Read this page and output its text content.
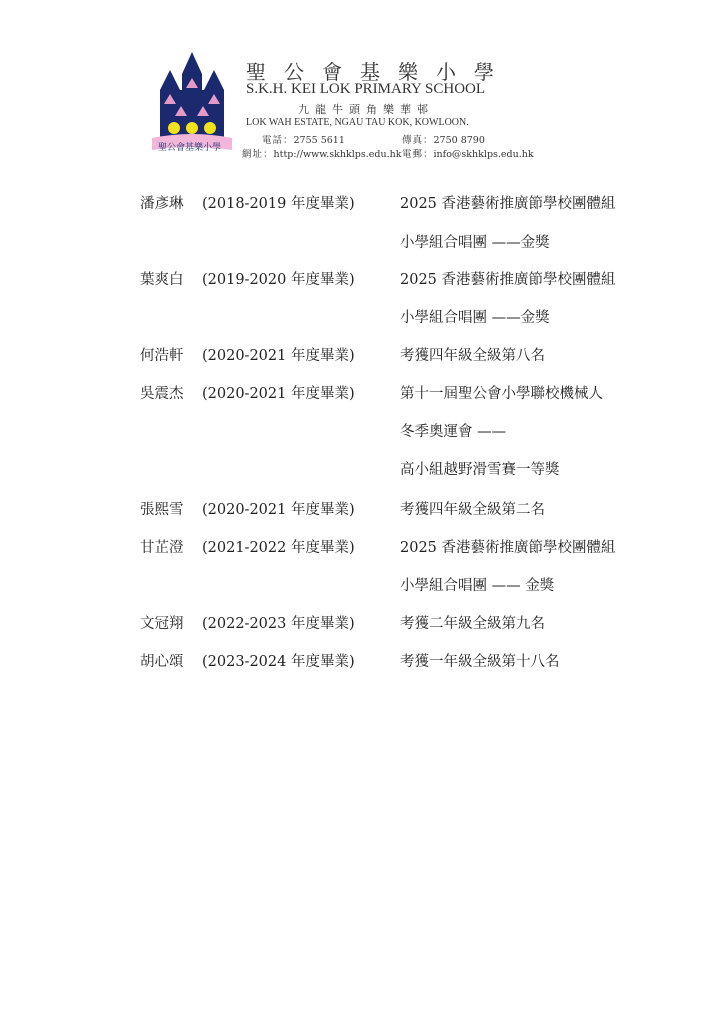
聖公會基樂小學
聖公會基樂小學
S.K.H. KEI LOK PRIMARY SCHOOL
九龍牛頭角樂華邨
LOK WAH ESTATE, NGAU TAU KOK, KOWLOON.
電話：2755 5611	傳真：2750 8790
網址：http://www.skhklps.edu.hk 電郵：info@skhklps.edu.hk
潘彥琳 (2018-2019 年度畢業)	2025 香港藝術推廣節學校團體組
小學組合唱團 ——金獎
葉爽白 (2019-2020 年度畢業)	2025 香港藝術推廣節學校團體組
小學組合唱團 ——金獎
何浩軒 (2020-2021 年度畢業)	考獲四年級全級第八名
吳震杰 (2020-2021 年度畢業)	第十一屆聖公會小學聯校機械人
冬季奧運會 ——
高小組越野滑雪賽一等獎
張熙雪 (2020-2021 年度畢業)	考獲四年級全級第二名
甘芷澄 (2021-2022 年度畢業)	2025 香港藝術推廣節學校團體組
小學組合唱團 —— 金獎
文冠翔 (2022-2023 年度畢業)	考獲二年級全級第九名
胡心頌 (2023-2024 年度畢業)	考獲一年級全級第十八名
